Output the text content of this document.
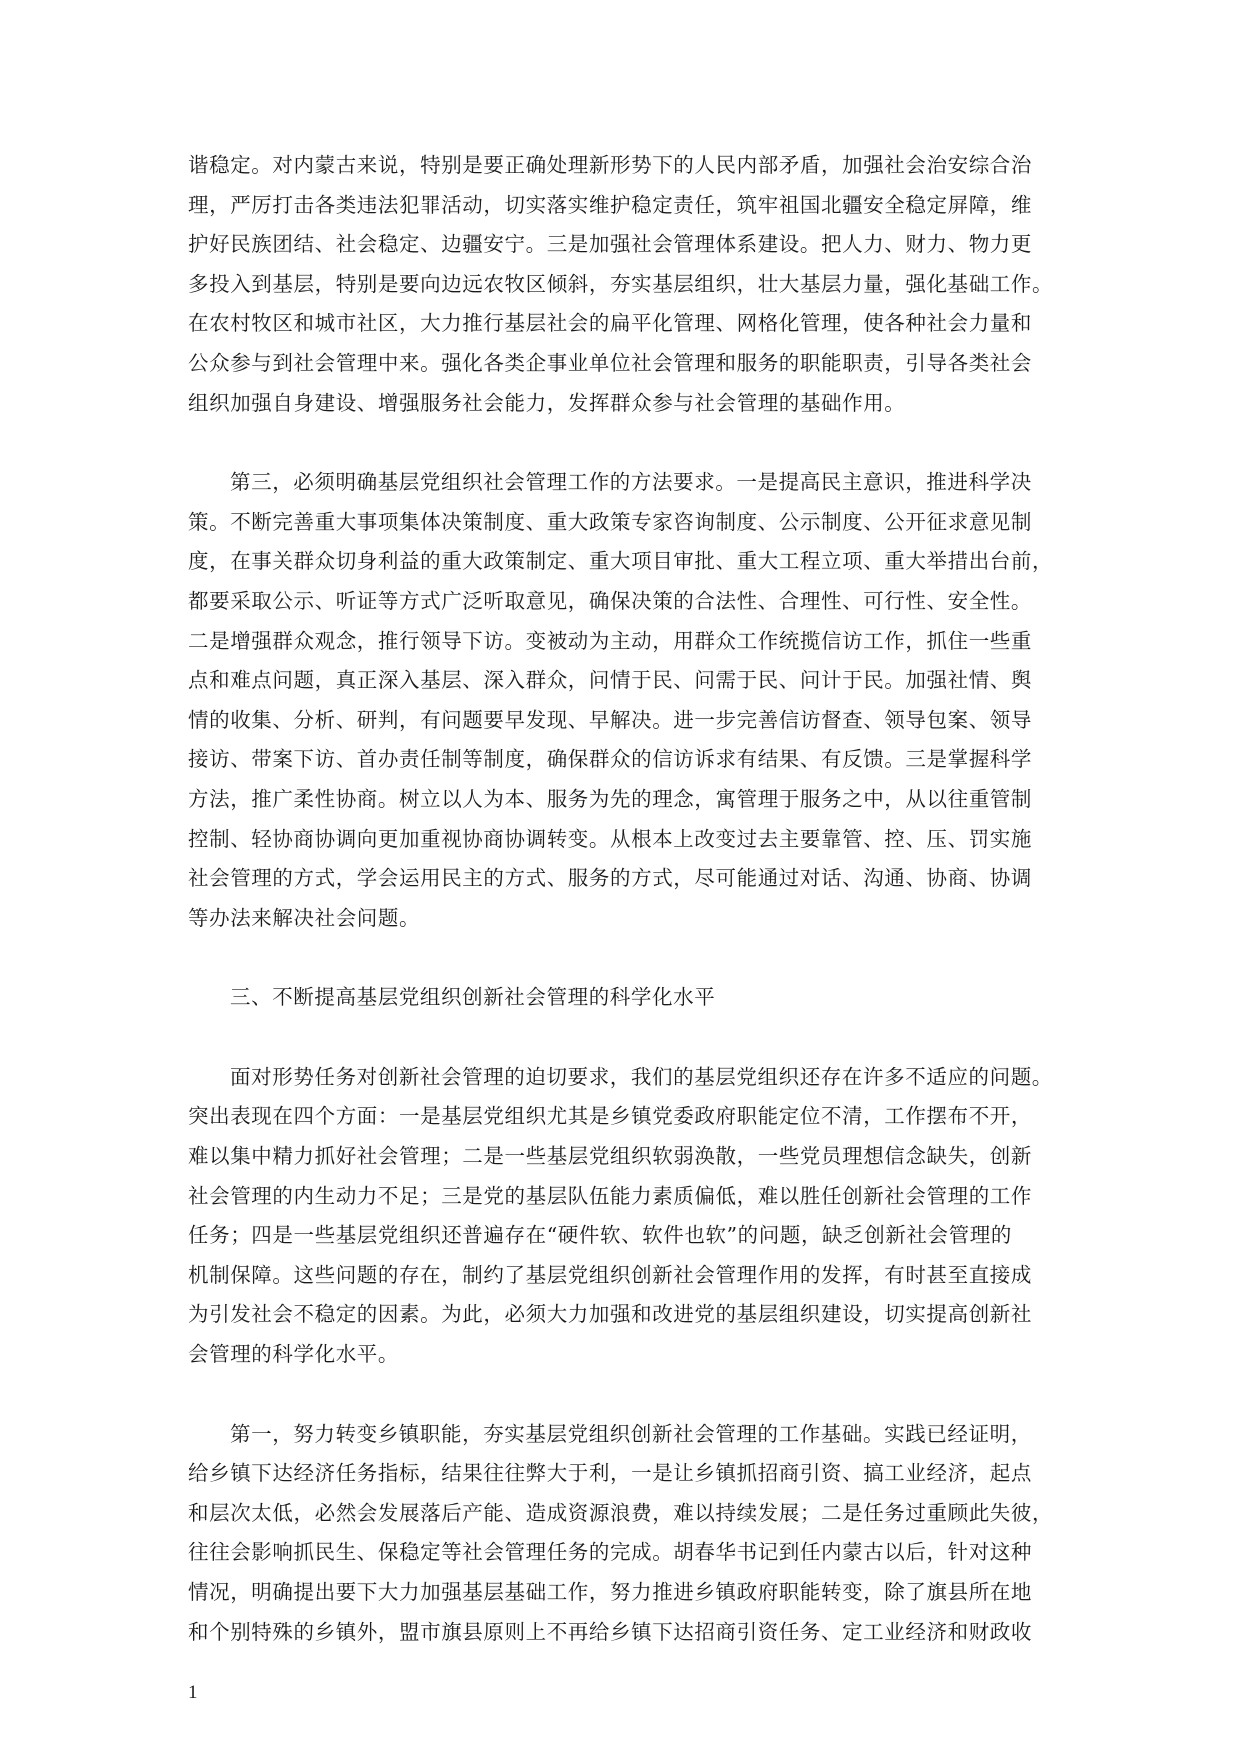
谐稳定。对内蒙古来说，特别是要正确处理新形势下的人民内部矛盾，加强社会治安综合治
理，严厉打击各类违法犯罪活动，切实落实维护稳定责任，筑牢祖国北疆安全稳定屏障，维
护好民族团结、社会稳定、边疆安宁。三是加强社会管理体系建设。把人力、财力、物力更
多投入到基层，特别是要向边远农牧区倾斜，夯实基层组织，壮大基层力量，强化基础工作。
在农村牧区和城市社区，大力推行基层社会的扁平化管理、网格化管理，使各种社会力量和
公众参与到社会管理中来。强化各类企事业单位社会管理和服务的职能职责，引导各类社会
组织加强自身建设、增强服务社会能力，发挥群众参与社会管理的基础作用。

第三，必须明确基层党组织社会管理工作的方法要求。一是提高民主意识，推进科学决
策。不断完善重大事项集体决策制度、重大政策专家咨询制度、公示制度、公开征求意见制
度，在事关群众切身利益的重大政策制定、重大项目审批、重大工程立项、重大举措出台前，
都要采取公示、听证等方式广泛听取意见，确保决策的合法性、合理性、可行性、安全性。
二是增强群众观念，推行领导下访。变被动为主动，用群众工作统揽信访工作，抓住一些重
点和难点问题，真正深入基层、深入群众，问情于民、问需于民、问计于民。加强社情、舆
情的收集、分析、研判，有问题要早发现、早解决。进一步完善信访督查、领导包案、领导
接访、带案下访、首办责任制等制度，确保群众的信访诉求有结果、有反馈。三是掌握科学
方法，推广柔性协商。树立以人为本、服务为先的理念，寓管理于服务之中，从以往重管制
控制、轻协商协调向更加重视协商协调转变。从根本上改变过去主要靠管、控、压、罚实施
社会管理的方式，学会运用民主的方式、服务的方式，尽可能通过对话、沟通、协商、协调
等办法来解决社会问题。

三、不断提高基层党组织创新社会管理的科学化水平

面对形势任务对创新社会管理的迫切要求，我们的基层党组织还存在许多不适应的问题。
突出表现在四个方面：一是基层党组织尤其是乡镇党委政府职能定位不清，工作摆布不开，
难以集中精力抓好社会管理；二是一些基层党组织软弱涣散，一些党员理想信念缺失，创新
社会管理的内生动力不足；三是党的基层队伍能力素质偏低，难以胜任创新社会管理的工作
任务；四是一些基层党组织还普遍存在“硬件软、软件也软”的问题，缺乏创新社会管理的
机制保障。这些问题的存在，制约了基层党组织创新社会管理作用的发挥，有时甚至直接成
为引发社会不稳定的因素。为此，必须大力加强和改进党的基层组织建设，切实提高创新社
会管理的科学化水平。

第一，努力转变乡镇职能，夯实基层党组织创新社会管理的工作基础。实践已经证明，
给乡镇下达经济任务指标，结果往往弊大于利，一是让乡镇抓招商引资、搞工业经济，起点
和层次太低，必然会发展落后产能、造成资源浪费，难以持续发展；二是任务过重顾此失彼，
往往会影响抓民生、保稳定等社会管理任务的完成。胡春华书记到任内蒙古以后，针对这种
情况，明确提出要下大力加强基层基础工作，努力推进乡镇政府职能转变，除了旗县所在地
和个别特殊的乡镇外，盟市旗县原则上不再给乡镇下达招商引资任务、定工业经济和财政收

1
